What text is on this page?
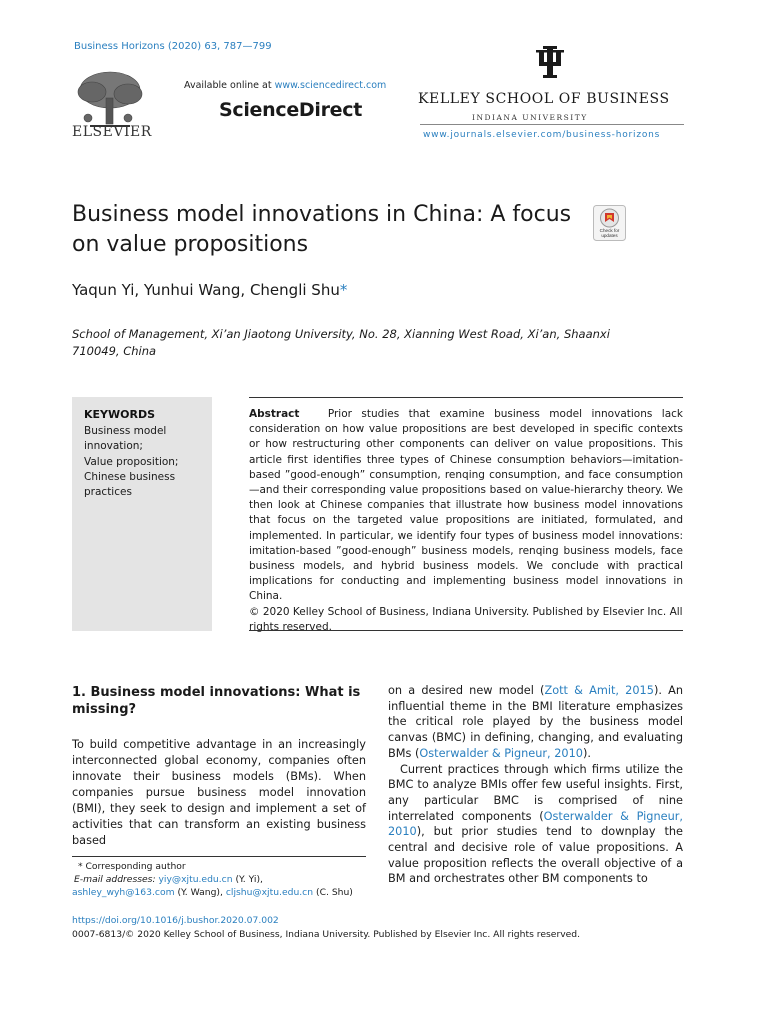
Business Horizons (2020) 63, 787—799
ELSEVIER
Available online at www.sciencedirect.com
ScienceDirect	KELLEY SCHOOL OF BUSINESS
INDIANA UNIVERSITY
www.journals.elsevier.com/business-horizons
Business model innovations in China: A focus on value propositions
Check for
updates
Yaqun Yi, Yunhui Wang, Chengli Shu*
School of Management, Xi’an Jiaotong University, No. 28, Xianning West Road, Xi’an, Shaanxi 710049, China
KEYWORDS
Business model innovation;
Value proposition;
Chinese business practices
Abstract	Prior studies that examine business model innovations lack consideration on how value propositions are best developed in specific contexts or how restructuring other components can deliver on value propositions. This article first identifies three types of Chinese consumption behaviors—imitation-based ”good-enough” consumption, renqing consumption, and face consumption—and their corresponding value propositions based on value-hierarchy theory. We then look at Chinese companies that illustrate how business model innovations that focus on the targeted value propositions are initiated, formulated, and implemented. In particular, we identify four types of business model innovations: imitation-based ”good-enough” business models, renqing business models, face business models, and hybrid business models. We conclude with practical implications for conducting and implementing business model innovations in China.
© 2020 Kelley School of Business, Indiana University. Published by Elsevier Inc. All rights reserved.
1. Business model innovations: What is missing?
To build competitive advantage in an increasingly interconnected global economy, companies often innovate their business models (BMs). When companies pursue business model innovation (BMI), they seek to design and implement a set of activities that can transform an existing business based

on a desired new model (Zott & Amit, 2015). An influential theme in the BMI literature emphasizes the critical role played by the business model canvas (BMC) in defining, changing, and evaluating BMs (Osterwalder & Pigneur, 2010).

Current practices through which firms utilize the BMC to analyze BMIs offer few useful insights. First, any particular BMC is comprised of nine interrelated components (Osterwalder & Pigneur, 2010), but prior studies tend to downplay the central and decisive role of value propositions. A value proposition reflects the overall objective of a BM and orchestrates other BM components to

* Corresponding author
E-mail addresses: yiy@xjtu.edu.cn (Y. Yi),
ashley_wyh@163.com (Y. Wang), cljshu@xjtu.edu.cn (C. Shu)
https://doi.org/10.1016/j.bushor.2020.07.002
0007-6813/© 2020 Kelley School of Business, Indiana University. Published by Elsevier Inc. All rights reserved.
